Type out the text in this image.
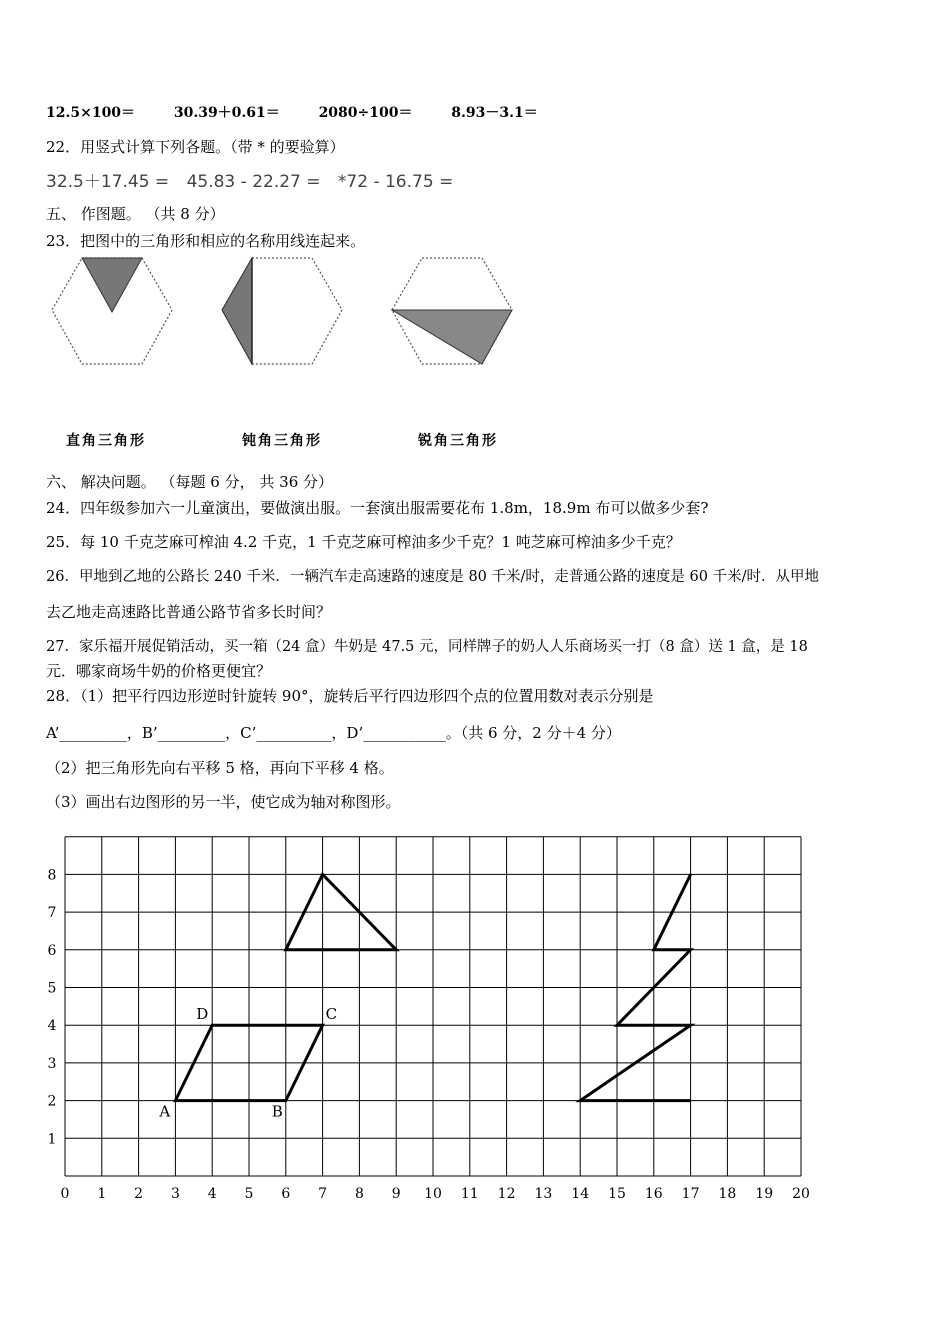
12.5×100＝	30.39＋0.61＝	2080÷100＝	8.93－3.1＝
22．用竖式计算下列各题。（带 * 的要验算）
32.5＋17.45 = 45.83 - 22.27 = *72 - 16.75 =
五、 作图题。 （共 8 分）
23．把图中的三角形和相应的名称用线连起来。
直角三角形	钝角三角形	锐角三角形
六、 解决问题。 （每题 6 分， 共 36 分）
24．四年级参加六一儿童演出，要做演出服。一套演出服需要花布 1.8m，18.9m 布可以做多少套?
25．每 10 千克芝麻可榨油 4.2 千克，1 千克芝麻可榨油多少千克？1 吨芝麻可榨油多少千克？
26．甲地到乙地的公路长 240 千米．一辆汽车走高速路的速度是 80 千米/时，走普通公路的速度是 60 千米/时．从甲地
去乙地走高速路比普通公路节省多长时间？
27．家乐福开展促销活动，买一箱（24 盒）牛奶是 47.5 元，同样牌子的奶人人乐商场买一打（8 盒）送 1 盒，是 18
元．哪家商场牛奶的价格更便宜？
28．（1）把平行四边形逆时针旋转 90°，旋转后平行四边形四个点的位置用数对表示分别是
A’_________，B’_________，C’__________，D’___________。（共 6 分，2 分＋4 分）
（2）把三角形先向右平移 5 格，再向下平移 4 格。
（3）画出右边图形的另一半，使它成为轴对称图形。
0 1 2 3 4 5 6 7 8 9 10 11 12 13 14 15 16 17 18 19 20
1
2
3
4
5
6
7
8
A	B
C
D
